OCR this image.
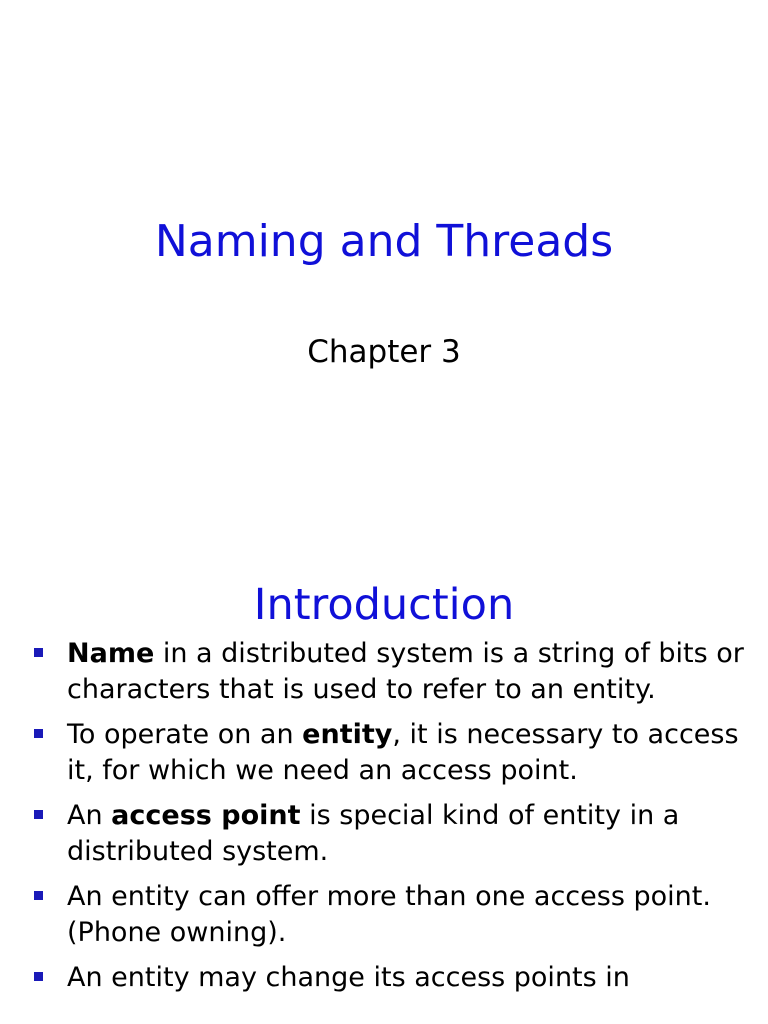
Naming and Threads
Chapter 3
Introduction
Name in a distributed system is a string of bits or characters that is used to refer to an entity.
To operate on an entity, it is necessary to access it, for which we need an access point.
An access point is special kind of entity in a distributed system.
An entity can offer more than one access point. (Phone owning).
An entity may change its access points in
